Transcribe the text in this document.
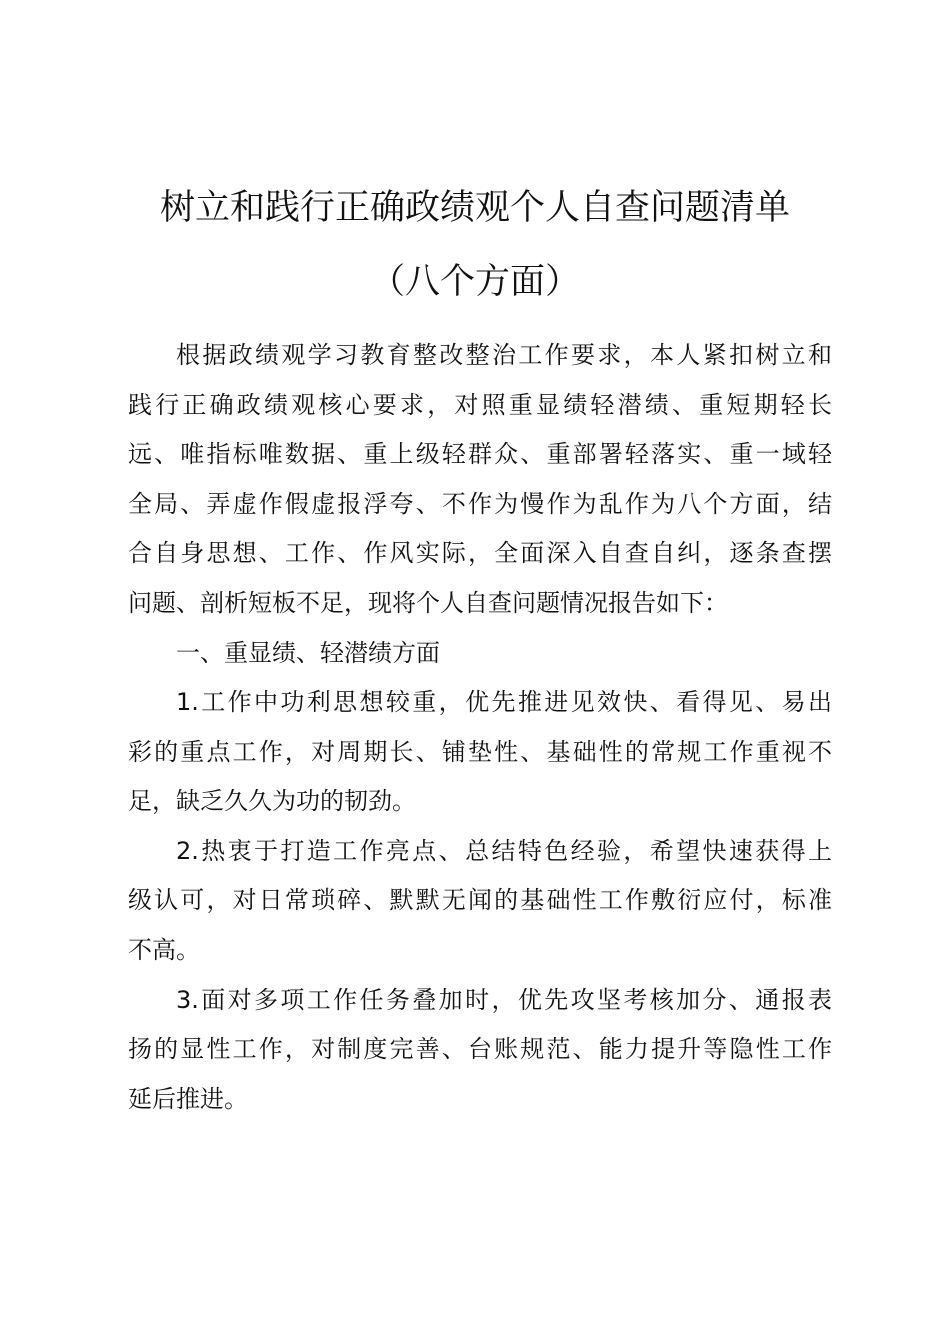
树立和践行正确政绩观个人自查问题清单
（八个方面）
根据政绩观学习教育整改整治工作要求，本人紧扣树立和
践行正确政绩观核心要求，对照重显绩轻潜绩、重短期轻长
远、唯指标唯数据、重上级轻群众、重部署轻落实、重一域轻
全局、弄虚作假虚报浮夸、不作为慢作为乱作为八个方面，结
合自身思想、工作、作风实际，全面深入自查自纠，逐条查摆
问题、剖析短板不足，现将个人自查问题情况报告如下：
一、重显绩、轻潜绩方面
1.工作中功利思想较重，优先推进见效快、看得见、易出
彩的重点工作，对周期长、铺垫性、基础性的常规工作重视不
足，缺乏久久为功的韧劲。
2.热衷于打造工作亮点、总结特色经验，希望快速获得上
级认可，对日常琐碎、默默无闻的基础性工作敷衍应付，标准
不高。
3.面对多项工作任务叠加时，优先攻坚考核加分、通报表
扬的显性工作，对制度完善、台账规范、能力提升等隐性工作
延后推进。
